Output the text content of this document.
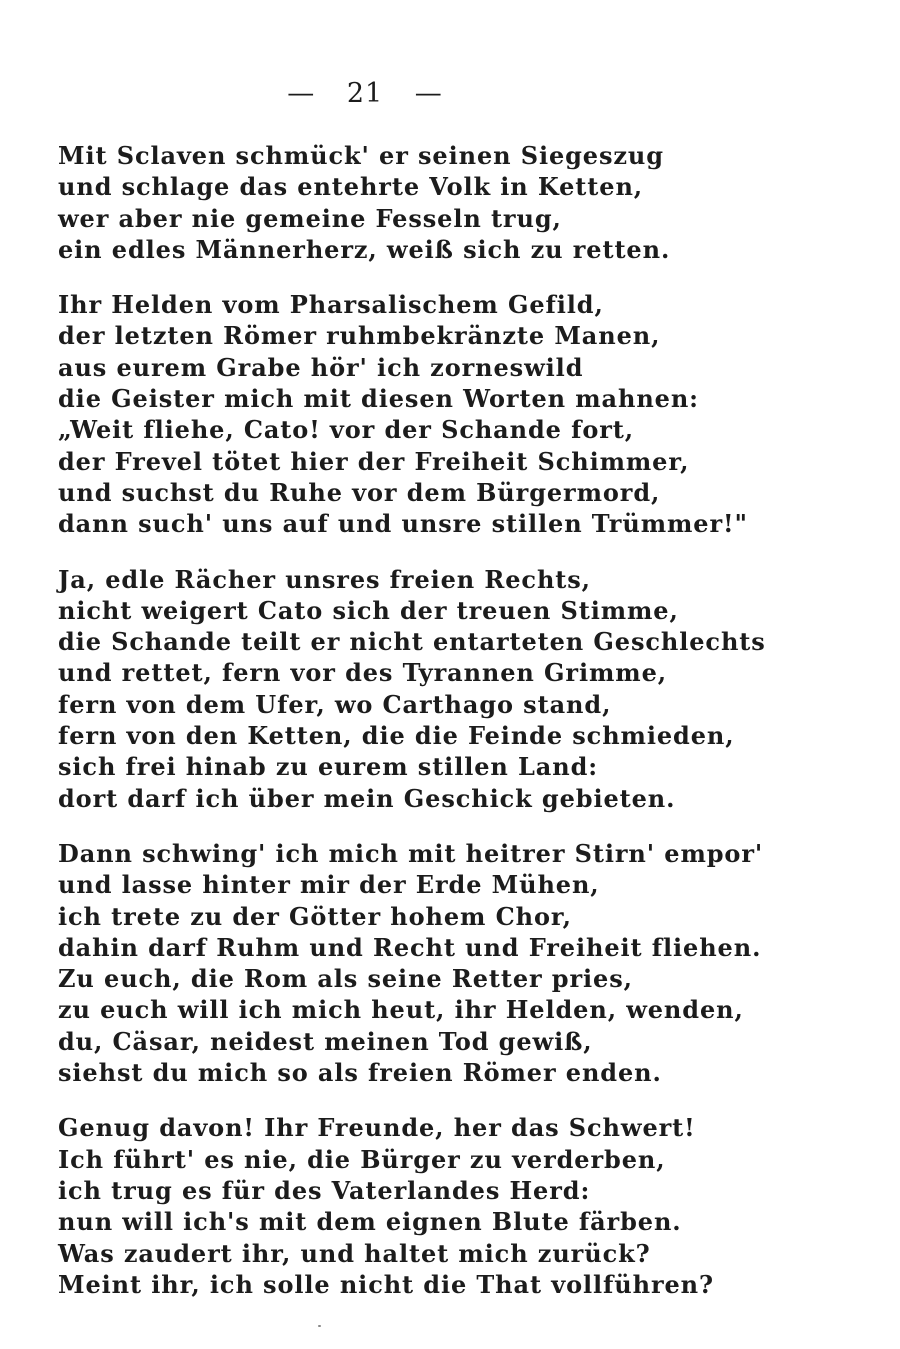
— 21 —
Mit Sclaven schmück' er seinen Siegeszug
und schlage das entehrte Volk in Ketten,
wer aber nie gemeine Fesseln trug,
ein edles Männerherz, weiß sich zu retten.
Ihr Helden vom Pharsalischem Gefild,
der letzten Römer ruhmbekränzte Manen,
aus eurem Grabe hör' ich zorneswild
die Geister mich mit diesen Worten mahnen:
„Weit fliehe, Cato! vor der Schande fort,
der Frevel tötet hier der Freiheit Schimmer,
und suchst du Ruhe vor dem Bürgermord,
dann such' uns auf und unsre stillen Trümmer!"
Ja, edle Rächer unsres freien Rechts,
nicht weigert Cato sich der treuen Stimme,
die Schande teilt er nicht entarteten Geschlechts
und rettet, fern vor des Tyrannen Grimme,
fern von dem Ufer, wo Carthago stand,
fern von den Ketten, die die Feinde schmieden,
sich frei hinab zu eurem stillen Land:
dort darf ich über mein Geschick gebieten.
Dann schwing' ich mich mit heitrer Stirn' empor'
und lasse hinter mir der Erde Mühen,
ich trete zu der Götter hohem Chor,
dahin darf Ruhm und Recht und Freiheit fliehen.
Zu euch, die Rom als seine Retter pries,
zu euch will ich mich heut, ihr Helden, wenden,
du, Cäsar, neidest meinen Tod gewiß,
siehst du mich so als freien Römer enden.
Genug davon! Ihr Freunde, her das Schwert!
Ich führt' es nie, die Bürger zu verderben,
ich trug es für des Vaterlandes Herd:
nun will ich's mit dem eignen Blute färben.
Was zaudert ihr, und haltet mich zurück?
Meint ihr, ich solle nicht die That vollführen?
